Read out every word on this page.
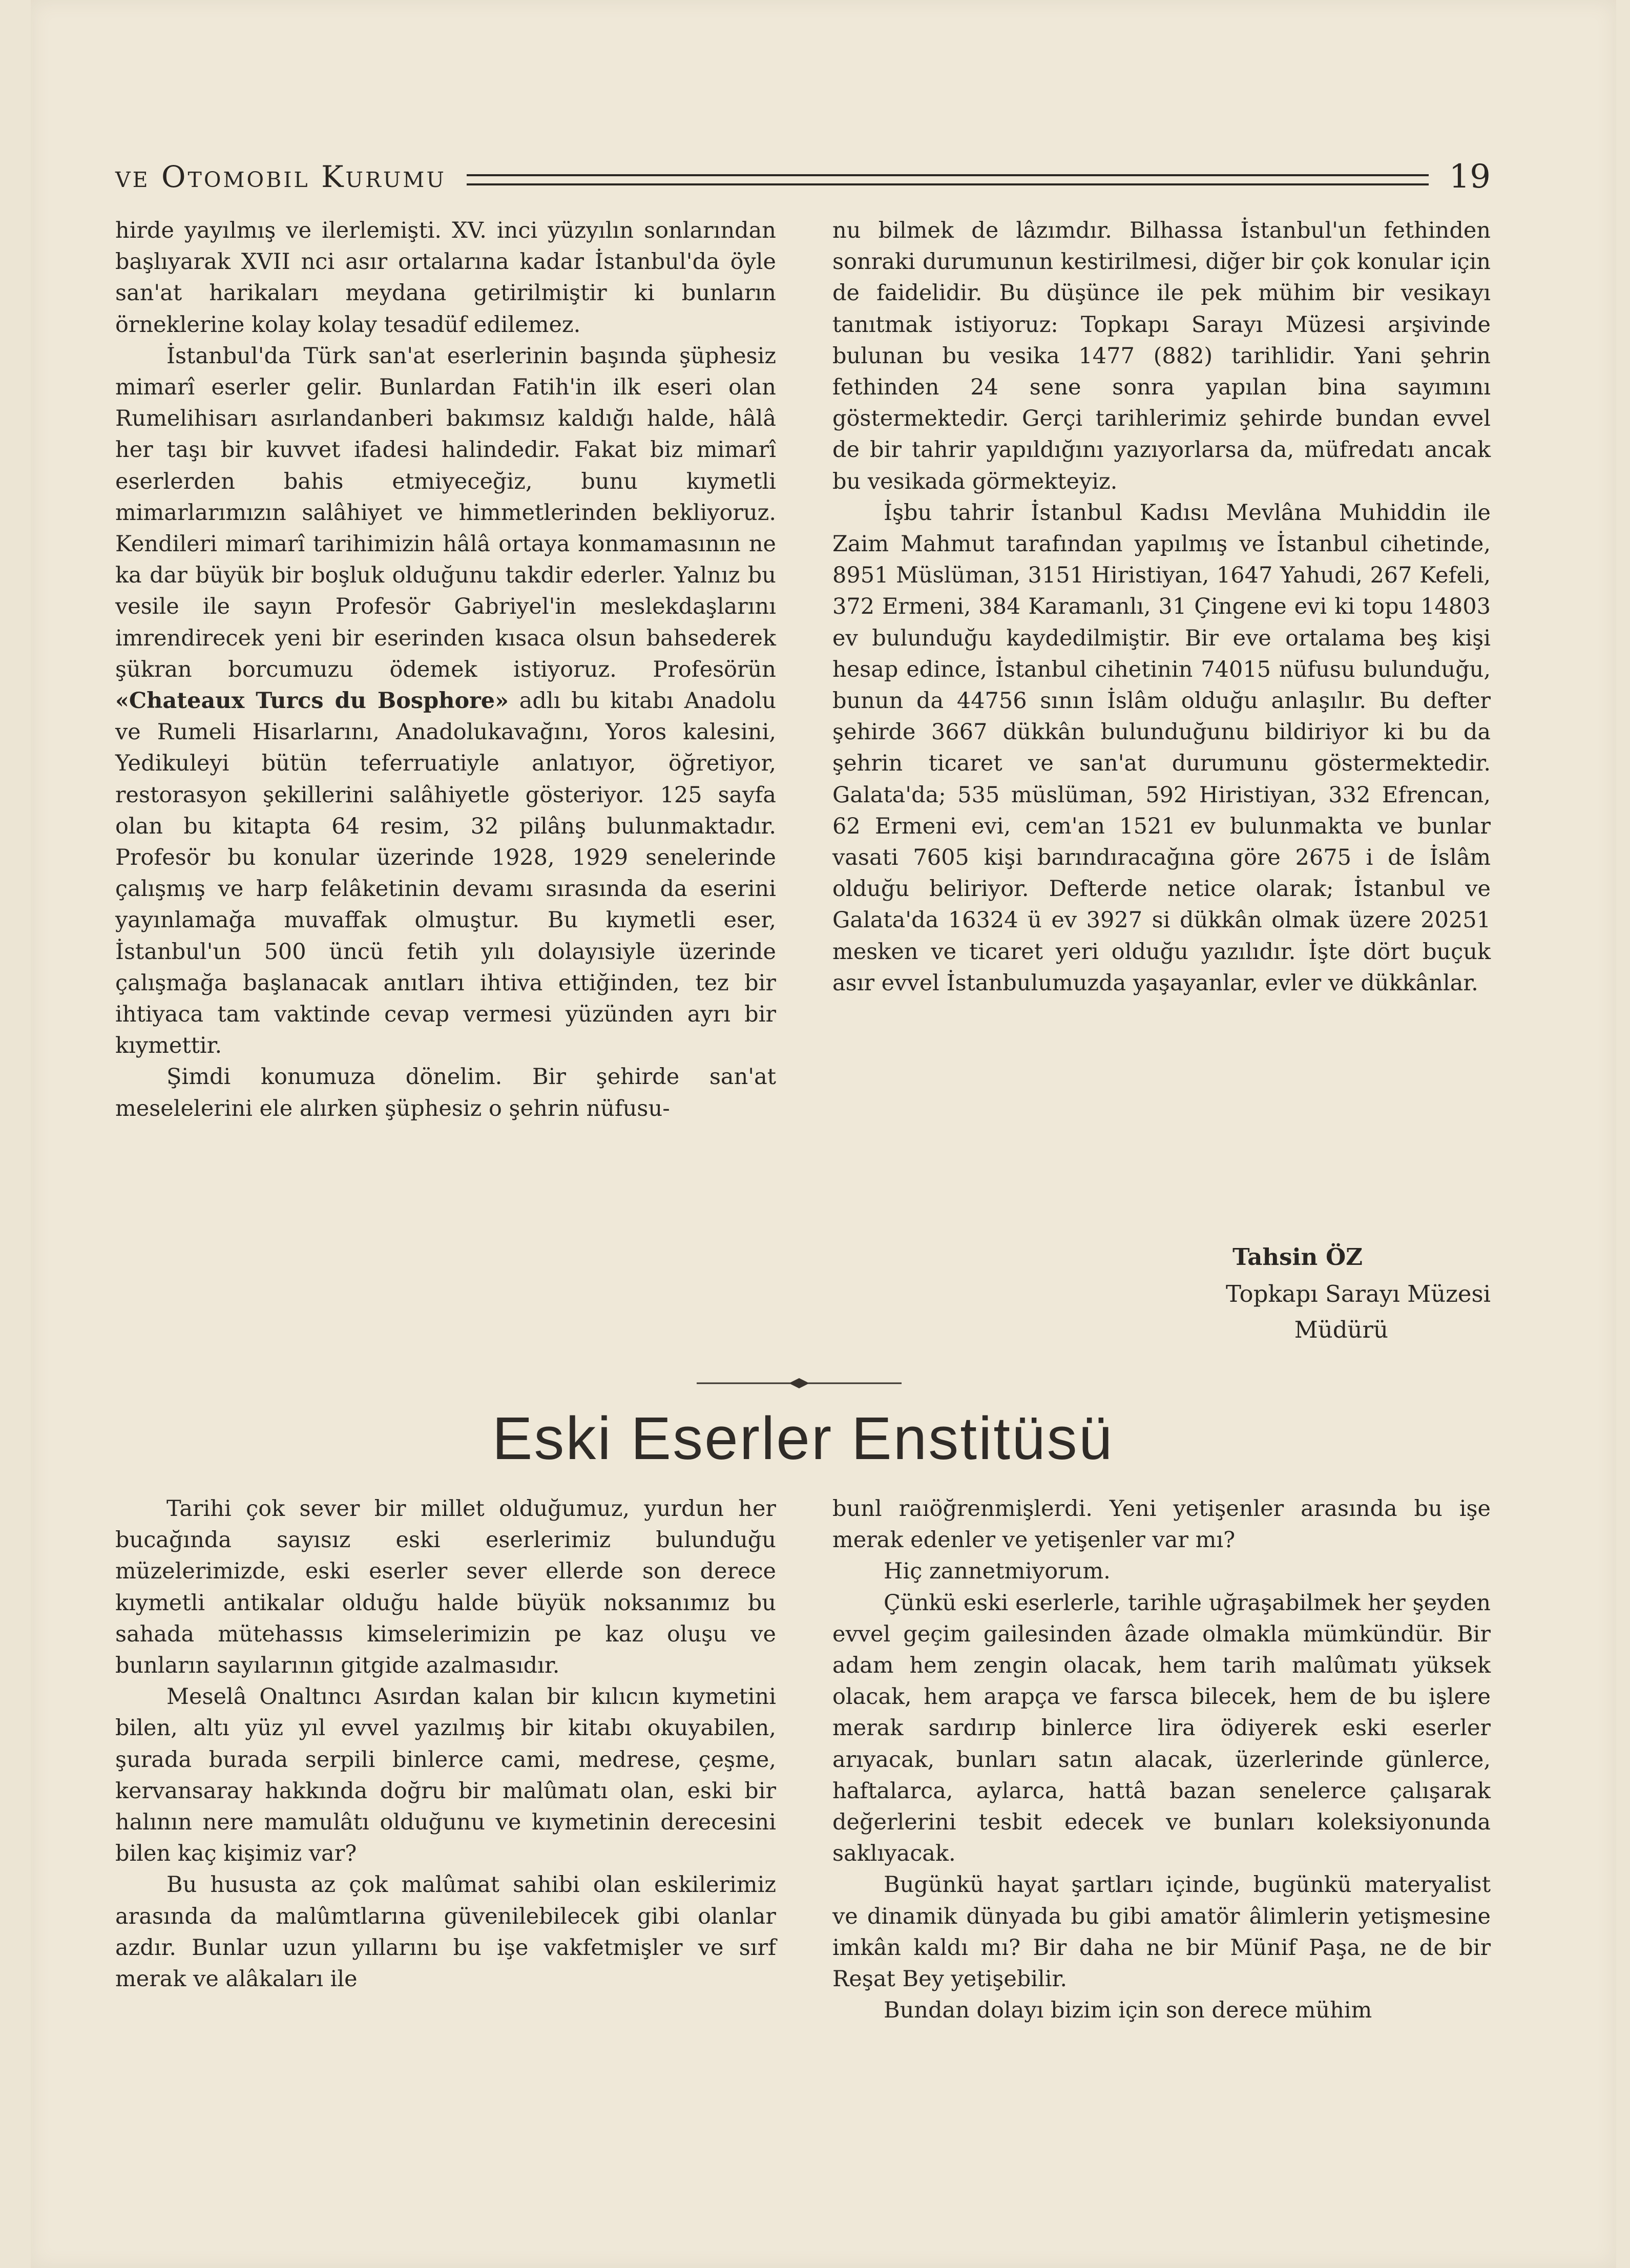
ve Otomobil Kurumu	19

hirde yayılmış ve ilerlemişti. XV. inci yüzyılın sonlarından başlıyarak XVII nci asır ortalarına kadar İstanbul'da öyle san'at harikaları meydana getirilmiştir ki bunların örneklerine kolay kolay tesadüf edilemez.

İstanbul'da Türk san'at eserlerinin başında şüphesiz mimarî eserler gelir. Bunlardan Fatih'in ilk eseri olan Rumelihisarı asırlandanberi bakımsız kaldığı halde, hâlâ her taşı bir kuvvet ifadesi halindedir. Fakat biz mimarî eserlerden bahis etmiyeceğiz, bunu kıymetli mimarlarımızın salâhiyet ve himmetlerinden bekliyoruz. Kendileri mimarî tarihimizin hâlâ ortaya konmamasının ne ka dar büyük bir boşluk olduğunu takdir ederler. Yalnız bu vesile ile sayın Profesör Gabriyel'in meslekdaşlarını imrendirecek yeni bir eserinden kısaca olsun bahsederek şükran borcumuzu ödemek istiyoruz. Profesörün «Chateaux Turcs du Bosphore» adlı bu kitabı Anadolu ve Rumeli Hisarlarını, Anadolukavağını, Yoros kalesini, Yedikuleyi bütün teferruatiyle anlatıyor, öğretiyor, restorasyon şekillerini salâhiyetle gösteriyor. 125 sayfa olan bu kitapta 64 resim, 32 pilânş bulunmaktadır. Profesör bu konular üzerinde 1928, 1929 senelerinde çalışmış ve harp felâketinin devamı sırasında da eserini yayınlamağa muvaffak olmuştur. Bu kıymetli eser, İstanbul'un 500 üncü fetih yılı dolayısiyle üzerinde çalışmağa başlanacak anıtları ihtiva ettiğinden, tez bir ihtiyaca tam vaktinde cevap vermesi yüzünden ayrı bir kıymettir.

Şimdi konumuza dönelim. Bir şehirde san'at meselelerini ele alırken şüphesiz o şehrin nüfusu-

nu bilmek de lâzımdır. Bilhassa İstanbul'un fethinden sonraki durumunun kestirilmesi, diğer bir çok konular için de faidelidir. Bu düşünce ile pek mühim bir vesikayı tanıtmak istiyoruz: Topkapı Sarayı Müzesi arşivinde bulunan bu vesika 1477 (882) tarihlidir. Yani şehrin fethinden 24 sene sonra yapılan bina sayımını göstermektedir. Gerçi tarihlerimiz şehirde bundan evvel de bir tahrir yapıldığını yazıyorlarsa da, müfredatı ancak bu vesikada görmekteyiz.

İşbu tahrir İstanbul Kadısı Mevlâna Muhiddin ile Zaim Mahmut tarafından yapılmış ve İstanbul cihetinde, 8951 Müslüman, 3151 Hiristiyan, 1647 Yahudi, 267 Kefeli, 372 Ermeni, 384 Karamanlı, 31 Çingene evi ki topu 14803 ev bulunduğu kaydedilmiştir. Bir eve ortalama beş kişi hesap edince, İstanbul cihetinin 74015 nüfusu bulunduğu, bunun da 44756 sının İslâm olduğu anlaşılır. Bu defter şehirde 3667 dükkân bulunduğunu bildiriyor ki bu da şehrin ticaret ve san'at durumunu göstermektedir. Galata'da; 535 müslüman, 592 Hiristiyan, 332 Efrencan, 62 Ermeni evi, cem'an 1521 ev bulunmakta ve bunlar vasati 7605 kişi barındıracağına göre 2675 i de İslâm olduğu beliriyor. Defterde netice olarak; İstanbul ve Galata'da 16324 ü ev 3927 si dükkân olmak üzere 20251 mesken ve ticaret yeri olduğu yazılıdır. İşte dört buçuk asır evvel İstanbulumuzda yaşayanlar, evler ve dükkânlar.

Tahsin ÖZ
Topkapı Sarayı Müzesi
Müdürü
Eski Eserler Enstitüsü

Tarihi çok sever bir millet olduğumuz, yurdun her bucağında sayısız eski eserlerimiz bulunduğu müzelerimizde, eski eserler sever ellerde son derece kıymetli antikalar olduğu halde büyük noksanımız bu sahada mütehassıs kimselerimizin pe kaz oluşu ve bunların sayılarının gitgide azalmasıdır.

Meselâ Onaltıncı Asırdan kalan bir kılıcın kıymetini bilen, altı yüz yıl evvel yazılmış bir kitabı okuyabilen, şurada burada serpili binlerce cami, medrese, çeşme, kervansaray hakkında doğru bir malûmatı olan, eski bir halının nere mamulâtı olduğunu ve kıymetinin derecesini bilen kaç kişimiz var?

Bu hususta az çok malûmat sahibi olan eskilerimiz arasında da malûmtlarına güvenilebilecek gibi olanlar azdır. Bunlar uzun yıllarını bu işe vakfetmişler ve sırf merak ve alâkaları ile

bunl raıöğrenmişlerdi. Yeni yetişenler arasında bu işe merak edenler ve yetişenler var mı?

Hiç zannetmiyorum.

Çünkü eski eserlerle, tarihle uğraşabilmek her şeyden evvel geçim gailesinden âzade olmakla mümkündür. Bir adam hem zengin olacak, hem tarih malûmatı yüksek olacak, hem arapça ve farsca bilecek, hem de bu işlere merak sardırıp binlerce lira ödiyerek eski eserler arıyacak, bunları satın alacak, üzerlerinde günlerce, haftalarca, aylarca, hattâ bazan senelerce çalışarak değerlerini tesbit edecek ve bunları koleksiyonunda saklıyacak.

Bugünkü hayat şartları içinde, bugünkü materyalist ve dinamik dünyada bu gibi amatör âlimlerin yetişmesine imkân kaldı mı? Bir daha ne bir Münif Paşa, ne de bir Reşat Bey yetişebilir.

Bundan dolayı bizim için son derece mühim
